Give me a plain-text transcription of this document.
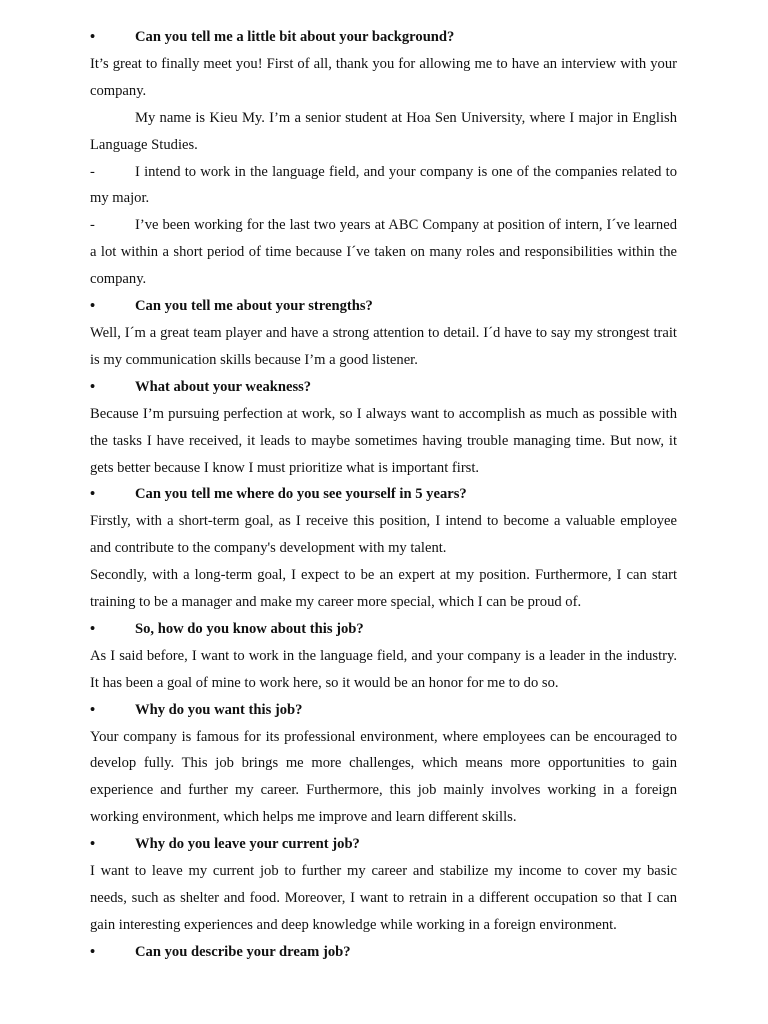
•	Can you tell me a little bit about your background?
It’s great to finally meet you! First of all, thank you for allowing me to have an interview with your company.
My name is Kieu My. I’m a senior student at Hoa Sen University, where I major in English Language Studies.
-	I intend to work in the language field, and your company is one of the companies related to my major.
-	I’ve been working for the last two years at ABC Company at position of intern, I´ve learned a lot within a short period of time because I´ve taken on many roles and responsibilities within the company.
•	Can you tell me about your strengths?
Well, I´m a great team player and have a strong attention to detail. I´d have to say my strongest trait is my communication skills because I’m a good listener.
•	What about your weakness?
Because I’m pursuing perfection at work, so I always want to accomplish as much as possible with the tasks I have received, it leads to maybe sometimes having trouble managing time. But now, it gets better because I know I must prioritize what is important first.
•	Can you tell me where do you see yourself in 5 years?
Firstly, with a short-term goal, as I receive this position, I intend to become a valuable employee and contribute to the company's development with my talent.
Secondly, with a long-term goal, I expect to be an expert at my position. Furthermore, I can start training to be a manager and make my career more special, which I can be proud of.
•	So, how do you know about this job?
As I said before, I want to work in the language field, and your company is a leader in the industry. It has been a goal of mine to work here, so it would be an honor for me to do so.
•	Why do you want this job?
Your company is famous for its professional environment, where employees can be encouraged to develop fully. This job brings me more challenges, which means more opportunities to gain experience and further my career. Furthermore, this job mainly involves working in a foreign working environment, which helps me improve and learn different skills.
•	Why do you leave your current job?
I want to leave my current job to further my career and stabilize my income to cover my basic needs, such as shelter and food. Moreover, I want to retrain in a different occupation so that I can gain interesting experiences and deep knowledge while working in a foreign environment.
•	Can you describe your dream job?
